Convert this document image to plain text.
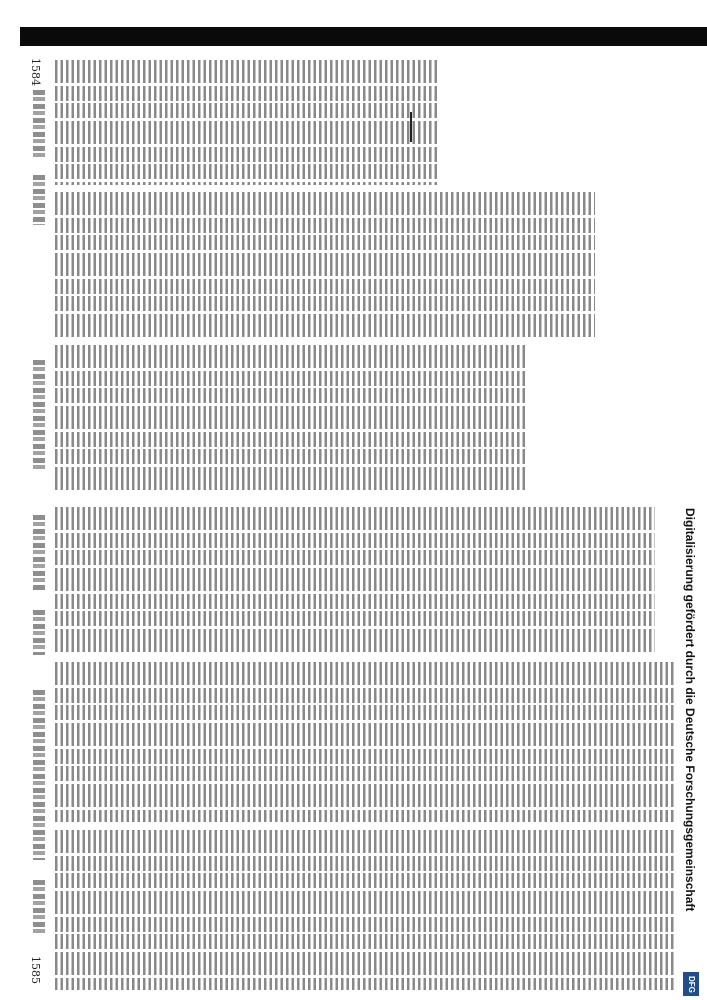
1584
1585
Digitalisierung gefördert durch die Deutsche Forschungsgemeinschaft
DFG
